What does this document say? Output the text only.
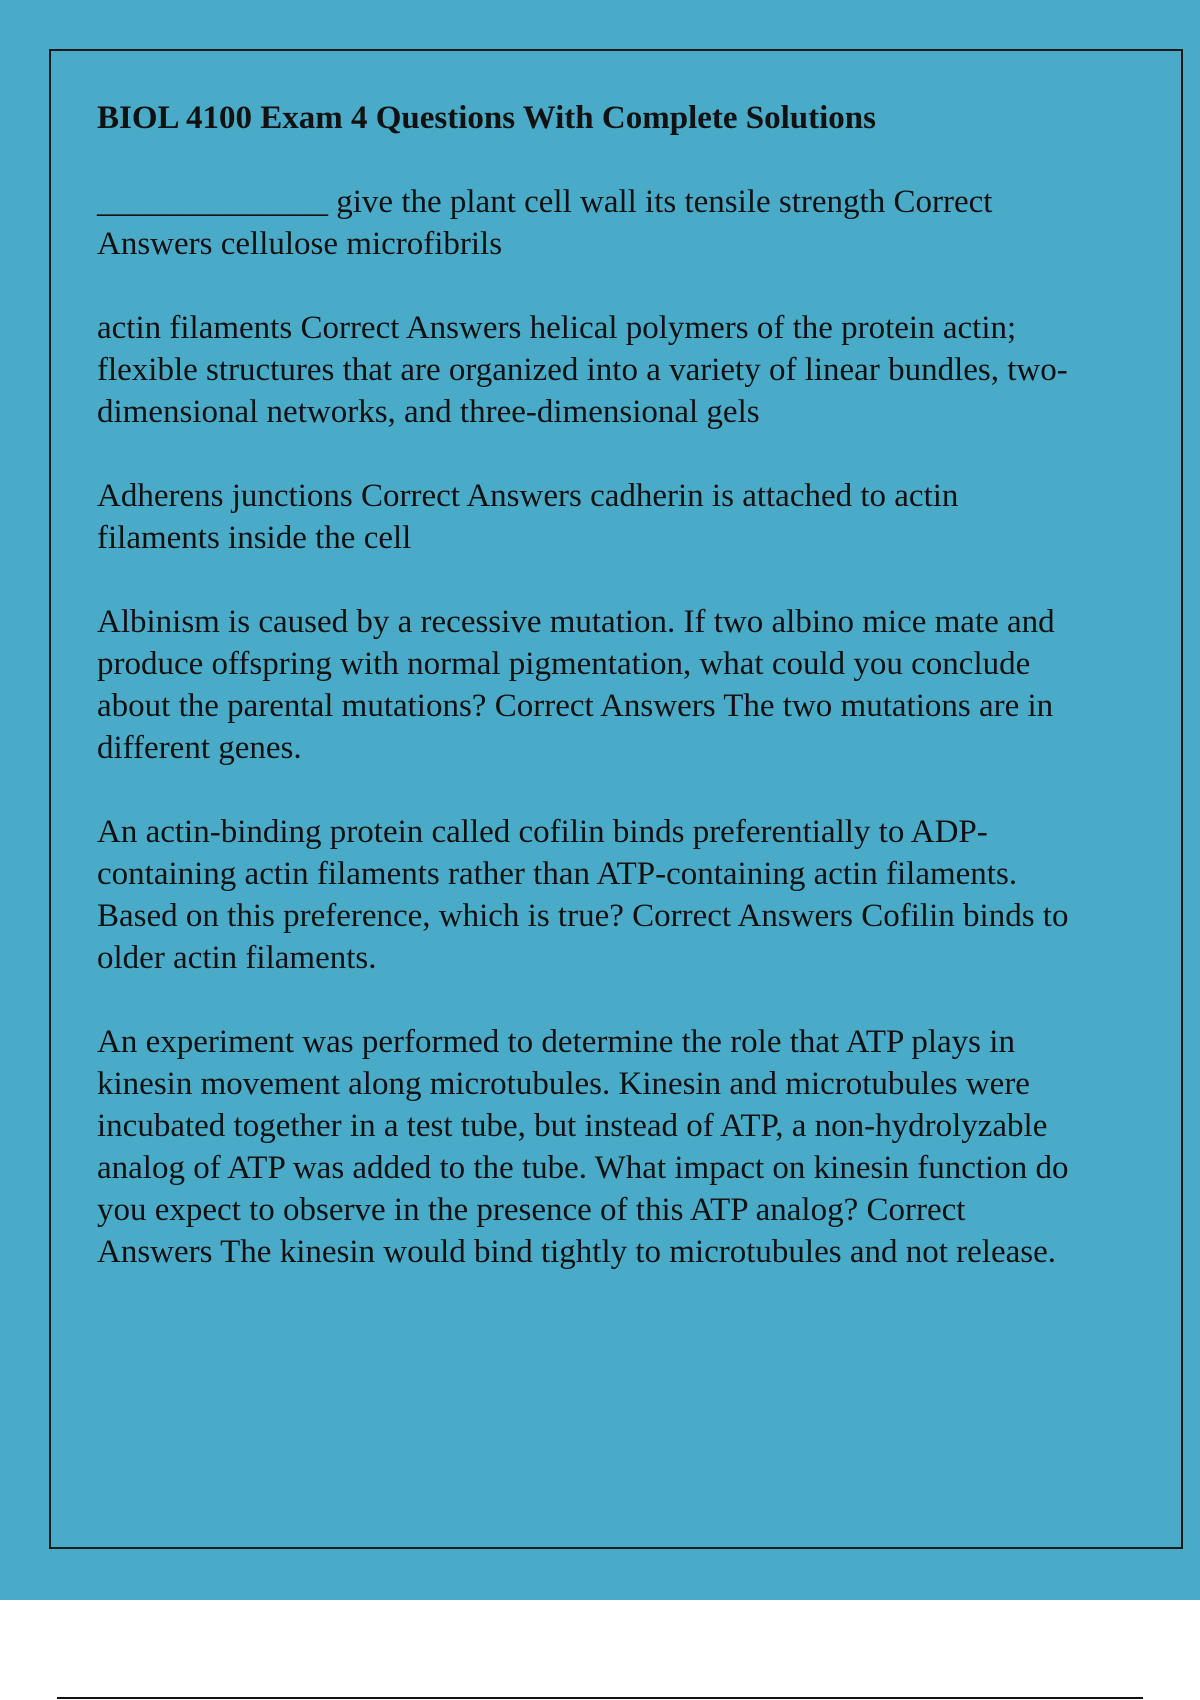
BIOL 4100 Exam 4 Questions With Complete Solutions
______________ give the plant cell wall its tensile strength Correct Answers cellulose microfibrils
actin filaments Correct Answers helical polymers of the protein actin; flexible structures that are organized into a variety of linear bundles, two-dimensional networks, and three-dimensional gels
Adherens junctions Correct Answers cadherin is attached to actin filaments inside the cell
Albinism is caused by a recessive mutation. If two albino mice mate and produce offspring with normal pigmentation, what could you conclude about the parental mutations? Correct Answers The two mutations are in different genes.
An actin-binding protein called cofilin binds preferentially to ADP-containing actin filaments rather than ATP-containing actin filaments. Based on this preference, which is true? Correct Answers Cofilin binds to older actin filaments.
An experiment was performed to determine the role that ATP plays in kinesin movement along microtubules. Kinesin and microtubules were incubated together in a test tube, but instead of ATP, a non-hydrolyzable analog of ATP was added to the tube. What impact on kinesin function do you expect to observe in the presence of this ATP analog? Correct Answers The kinesin would bind tightly to microtubules and not release.
